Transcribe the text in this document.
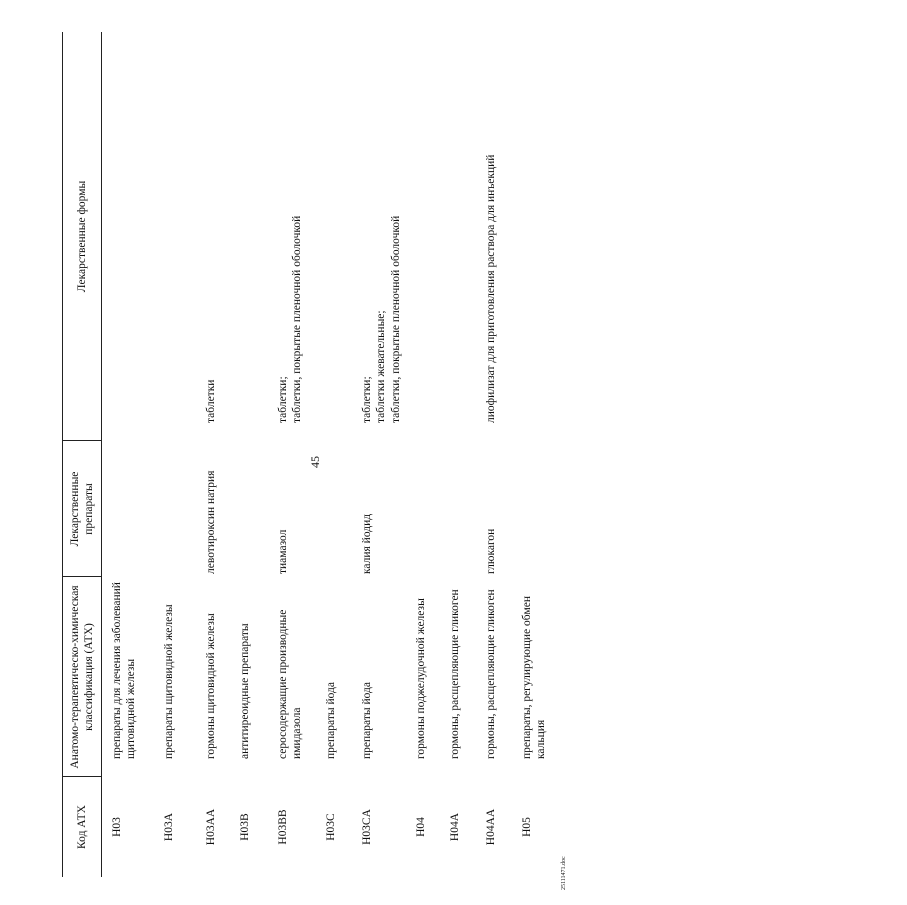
45
25111471.doc
Код АТХ
Анатомо-терапевтическо-химическая классификация (АТХ)
Лекарственные препараты
Лекарственные формы
H03
препараты для лечения заболеваний щитовидной железы
H03A
препараты щитовидной железы
H03AA
гормоны щитовидной железы
левотироксин натрия
таблетки
H03B
антитиреоидные препараты
H03BB
серосодержащие производные имидазола
тиамазол
таблетки; таблетки, покрытые пленочной оболочкой
H03C
препараты йода
H03CA
препараты йода
калия йодид
таблетки; таблетки жевательные; таблетки, покрытые пленочной оболочкой
H04
гормоны поджелудочной железы
H04A
гормоны, расщепляющие гликоген
H04AA
гормоны, расщепляющие гликоген
глюкагон
лиофилизат для приготовления раствора для инъекций
H05
препараты, регулирующие обмен кальция
